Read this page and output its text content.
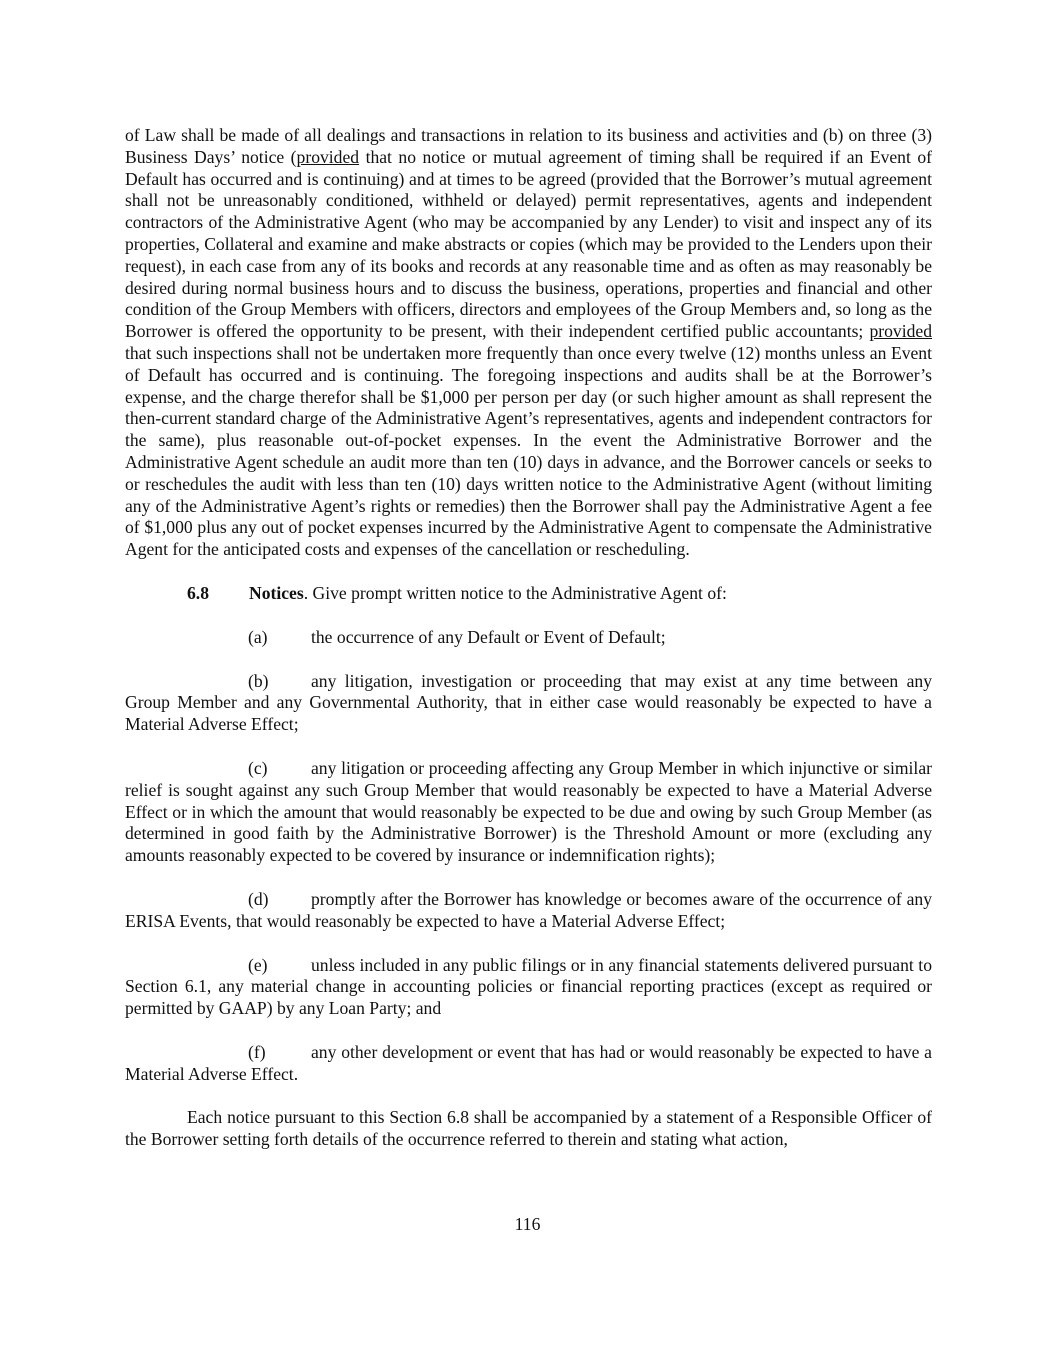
of Law shall be made of all dealings and transactions in relation to its business and activities and (b) on three (3) Business Days’ notice (provided that no notice or mutual agreement of timing shall be required if an Event of Default has occurred and is continuing) and at times to be agreed (provided that the Borrower’s mutual agreement shall not be unreasonably conditioned, withheld or delayed) permit representatives, agents and independent contractors of the Administrative Agent (who may be accompanied by any Lender) to visit and inspect any of its properties, Collateral and examine and make abstracts or copies (which may be provided to the Lenders upon their request), in each case from any of its books and records at any reasonable time and as often as may reasonably be desired during normal business hours and to discuss the business, operations, properties and financial and other condition of the Group Members with officers, directors and employees of the Group Members and, so long as the Borrower is offered the opportunity to be present, with their independent certified public accountants; provided that such inspections shall not be undertaken more frequently than once every twelve (12) months unless an Event of Default has occurred and is continuing. The foregoing inspections and audits shall be at the Borrower’s expense, and the charge therefor shall be $1,000 per person per day (or such higher amount as shall represent the then-current standard charge of the Administrative Agent’s representatives, agents and independent contractors for the same), plus reasonable out-of-pocket expenses. In the event the Administrative Borrower and the Administrative Agent schedule an audit more than ten (10) days in advance, and the Borrower cancels or seeks to or reschedules the audit with less than ten (10) days written notice to the Administrative Agent (without limiting any of the Administrative Agent’s rights or remedies) then the Borrower shall pay the Administrative Agent a fee of $1,000 plus any out of pocket expenses incurred by the Administrative Agent to compensate the Administrative Agent for the anticipated costs and expenses of the cancellation or rescheduling.

6.8 Notices. Give prompt written notice to the Administrative Agent of:

(a) the occurrence of any Default or Event of Default;

(b) any litigation, investigation or proceeding that may exist at any time between any Group Member and any Governmental Authority, that in either case would reasonably be expected to have a Material Adverse Effect;

(c) any litigation or proceeding affecting any Group Member in which injunctive or similar relief is sought against any such Group Member that would reasonably be expected to have a Material Adverse Effect or in which the amount that would reasonably be expected to be due and owing by such Group Member (as determined in good faith by the Administrative Borrower) is the Threshold Amount or more (excluding any amounts reasonably expected to be covered by insurance or indemnification rights);

(d) promptly after the Borrower has knowledge or becomes aware of the occurrence of any ERISA Events, that would reasonably be expected to have a Material Adverse Effect;

(e) unless included in any public filings or in any financial statements delivered pursuant to Section 6.1, any material change in accounting policies or financial reporting practices (except as required or permitted by GAAP) by any Loan Party; and

(f)	any other development or event that has had or would reasonably be expected to have a Material Adverse Effect.

Each notice pursuant to this Section 6.8 shall be accompanied by a statement of a Responsible Officer of the Borrower setting forth details of the occurrence referred to therein and stating what action,

116
